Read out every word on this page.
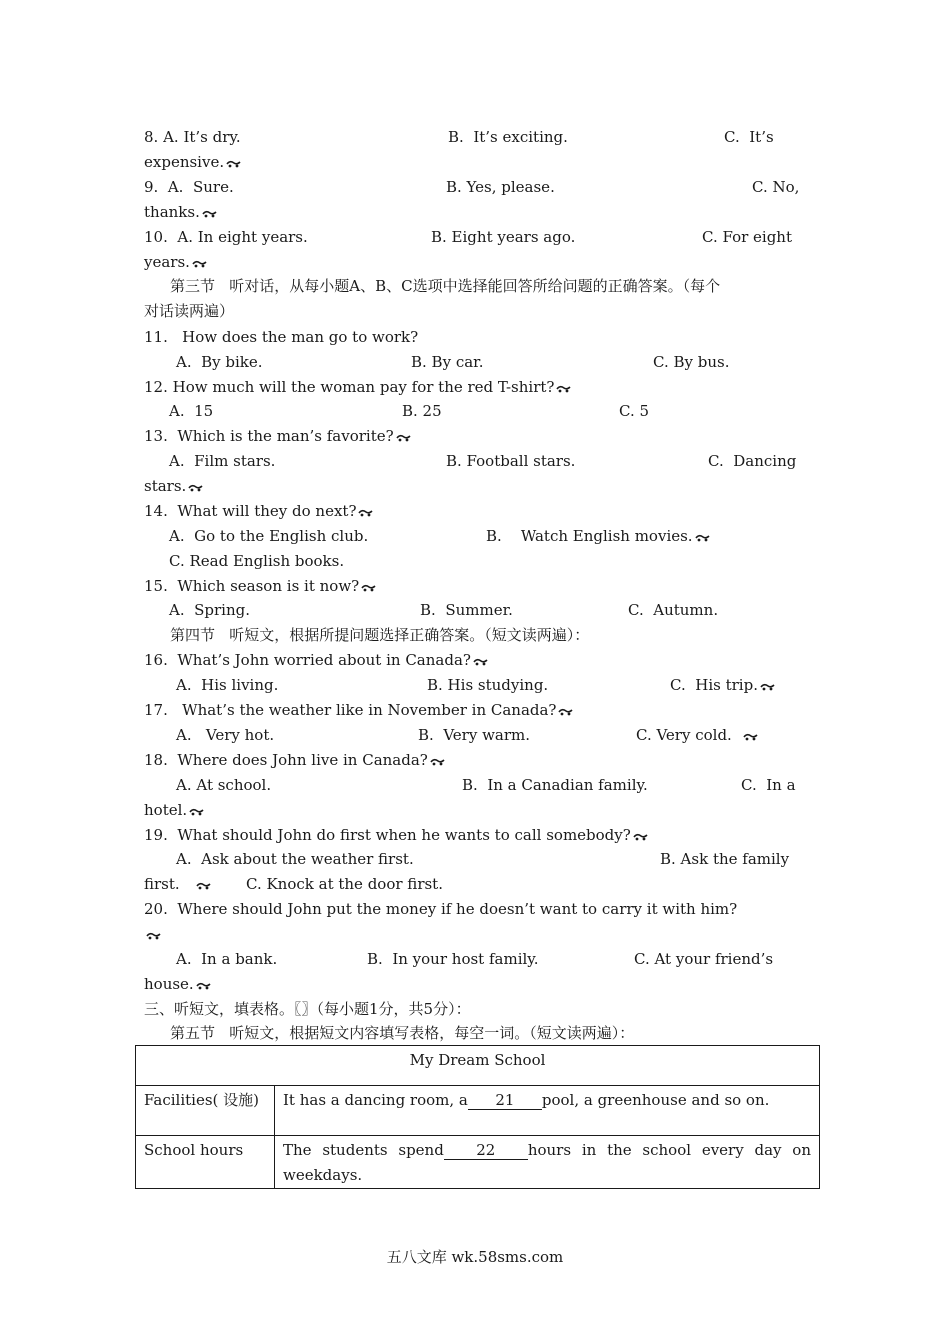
8. A. It’s dry.	B.  It’s exciting.	C.  It’s
expensive.
9.  A.  Sure.	B. Yes, please.	C. No,
thanks.
10.  A. In eight years.	B. Eight years ago.	C. For eight
years.
第三节   听对话，从每小题A、B、C选项中选择能回答所给问题的正确答案。（每个
对话读两遍）
11.   How does the man go to work?
A.  By bike.	B. By car.	C. By bus.
12. How much will the woman pay for the red T-shirt?
A.  15	B. 25	C. 5
13.  Which is the man’s favorite?
A.  Film stars.	B. Football stars.	C.  Dancing
stars.
14.  What will they do next?
A.  Go to the English club.	B.    Watch English movies.
C. Read English books.
15.  Which season is it now?
A.  Spring.	B.  Summer.	C.  Autumn.
第四节   听短文，根据所提问题选择正确答案。（短文读两遍）：
16.  What’s John worried about in Canada?
A.  His living.	B. His studying.	C.  His trip.
17.   What’s the weather like in November in Canada?
A.   Very hot.	B.  Very warm.	C. Very cold.
18.  Where does John live in Canada?
A. At school.	B.  In a Canadian family.	C.  In a
hotel.
19.  What should John do first when he wants to call somebody?
A.  Ask about the weather first.	B. Ask the family
first.	C. Knock at the door first.
20.  Where should John put the money if he doesn’t want to carry it with him?
A.  In a bank.	B.  In your host family.	C. At your friend’s
house.
三、听短文，填表格。〖〗（每小题1分，共5分）：
第五节   听短文，根据短文内容填写表格，每空一词。（短文读两遍）：
My Dream School	
Facilities( 设施)	It has a dancing room, a 21 pool, a greenhouse and so on.
School hours	The students spend 22 hours in the school every day on weekdays.
五八文库 wk.58sms.com
